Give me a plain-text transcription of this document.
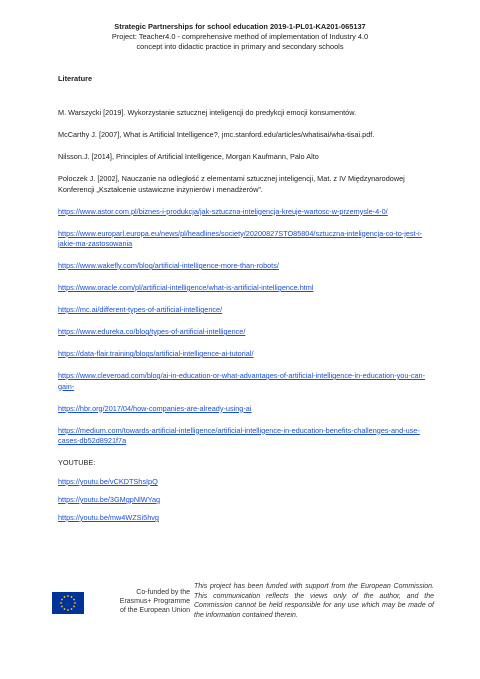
Strategic Partnerships for school education 2019-1-PL01-KA201-065137
Project: Teacher4.0 - comprehensive method of implementation of Industry 4.0
concept into didactic practice in primary and secondary schools
Literature
M. Warszycki [2019]. Wykorzystanie sztucznej inteligencji do predykcji emocji konsumentów.
McCarthy J. [2007], What is Artificial Intelligence?, jmc.stanford.edu/articles/whatisai/wha-tisai.pdf.
Nilsson.J. [2014], Principles of Artificial Intelligence, Morgan Kaufmann, Palo Alto
Poloczek J. [2002], Nauczanie na odległość z elementami sztucznej inteligencji, Mat. z IV Międzynarodowej Konferencji „Kształcenie ustawiczne inżynierów i menadżerów”.
https://www.astor.com.pl/biznes-i-produkcja/jak-sztuczna-inteligencja-kreuje-wartosc-w-przemysle-4-0/
https://www.europarl.europa.eu/news/pl/headlines/society/20200827STO85804/sztuczna-inteligencja-co-to-jest-i-jakie-ma-zastosowania
https://www.wakefly.com/blog/artificial-intelligence-more-than-robots/
https://www.oracle.com/pl/artificial-intelligence/what-is-artificial-intelligence.html
https://mc.ai/different-types-of-artificial-intelligence/
https://www.edureka.co/blog/types-of-artificial-intelligence/
https://data-flair.training/blogs/artificial-intelligence-ai-tutorial/
https://www.cleveroad.com/blog/ai-in-education-or-what-advantages-of-artificial-intelligence-in-education-you-can-gain-
https://hbr.org/2017/04/how-companies-are-already-using-ai
https://medium.com/towards-artificial-intelligence/artificial-intelligence-in-education-benefits-challenges-and-use-cases-db52d8921f7a
YOUTUBE:
https://youtu.be/vCKDTShsIpQ
https://youtu.be/3GMgpNlWYag
https://youtu.be/mw4WZSi5hvg
Co-funded by the
Erasmus+ Programme
of the European Union
This project has been funded with support from the European Commission. This communication reflects the views only of the author, and the Commission cannot be held responsible for any use which may be made of the information contained therein.
